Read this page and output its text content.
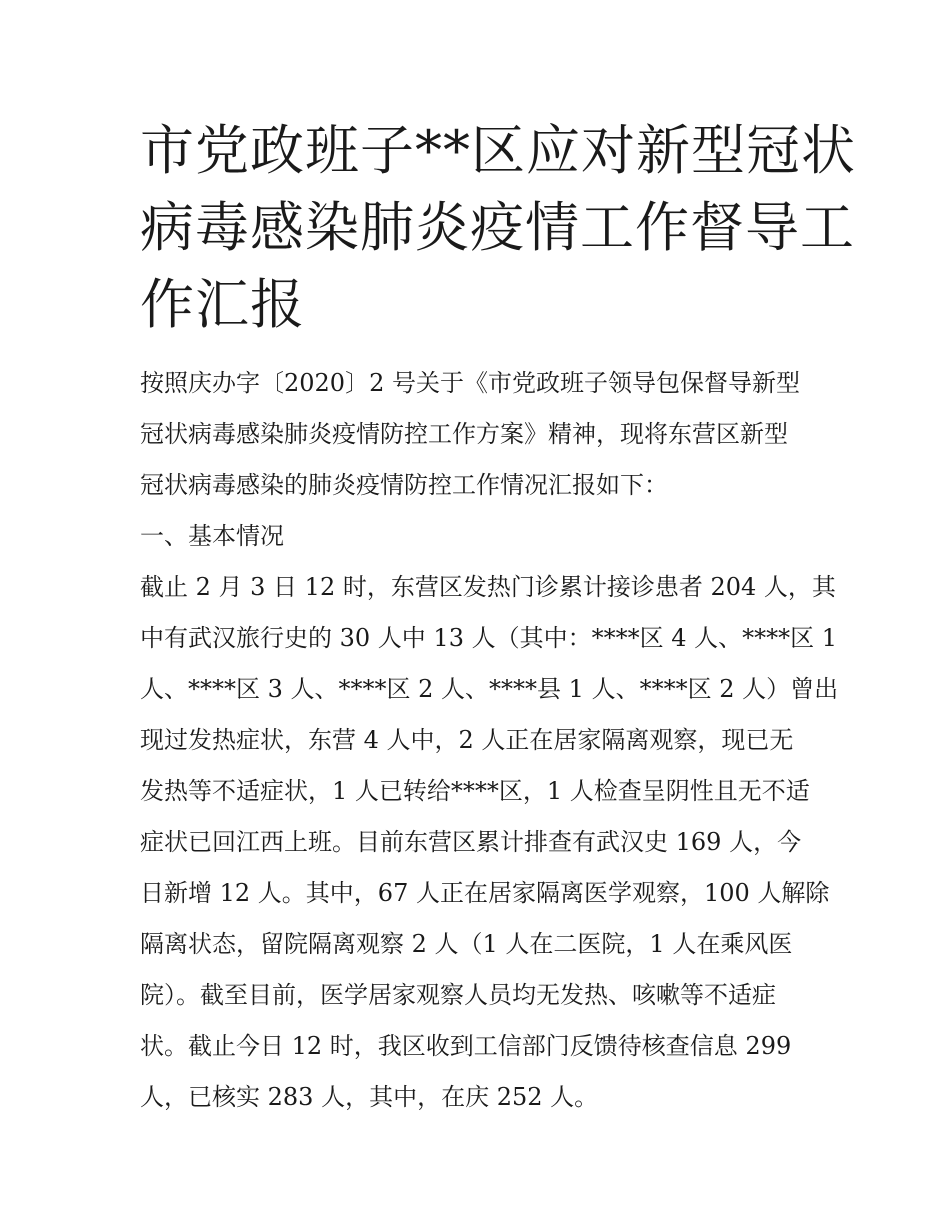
市党政班子**区应对新型冠状
病毒感染肺炎疫情工作督导工
作汇报
按照庆办字〔2020〕2 号关于《市党政班子领导包保督导新型
冠状病毒感染肺炎疫情防控工作方案》精神，现将东营区新型
冠状病毒感染的肺炎疫情防控工作情况汇报如下：
一、基本情况
截止 2 月 3 日 12 时，东营区发热门诊累计接诊患者 204 人，其
中有武汉旅行史的 30 人中 13 人（其中：****区 4 人、****区 1
人、****区 3 人、****区 2 人、****县 1 人、****区 2 人）曾出
现过发热症状，东营 4 人中，2 人正在居家隔离观察，现已无
发热等不适症状，1 人已转给****区，1 人检查呈阴性且无不适
症状已回江西上班。目前东营区累计排查有武汉史 169 人，今
日新增 12 人。其中，67 人正在居家隔离医学观察，100 人解除
隔离状态，留院隔离观察 2 人（1 人在二医院，1 人在乘风医
院）。截至目前，医学居家观察人员均无发热、咳嗽等不适症
状。截止今日 12 时，我区收到工信部门反馈待核查信息 299
人，已核实 283 人，其中，在庆 252 人。
